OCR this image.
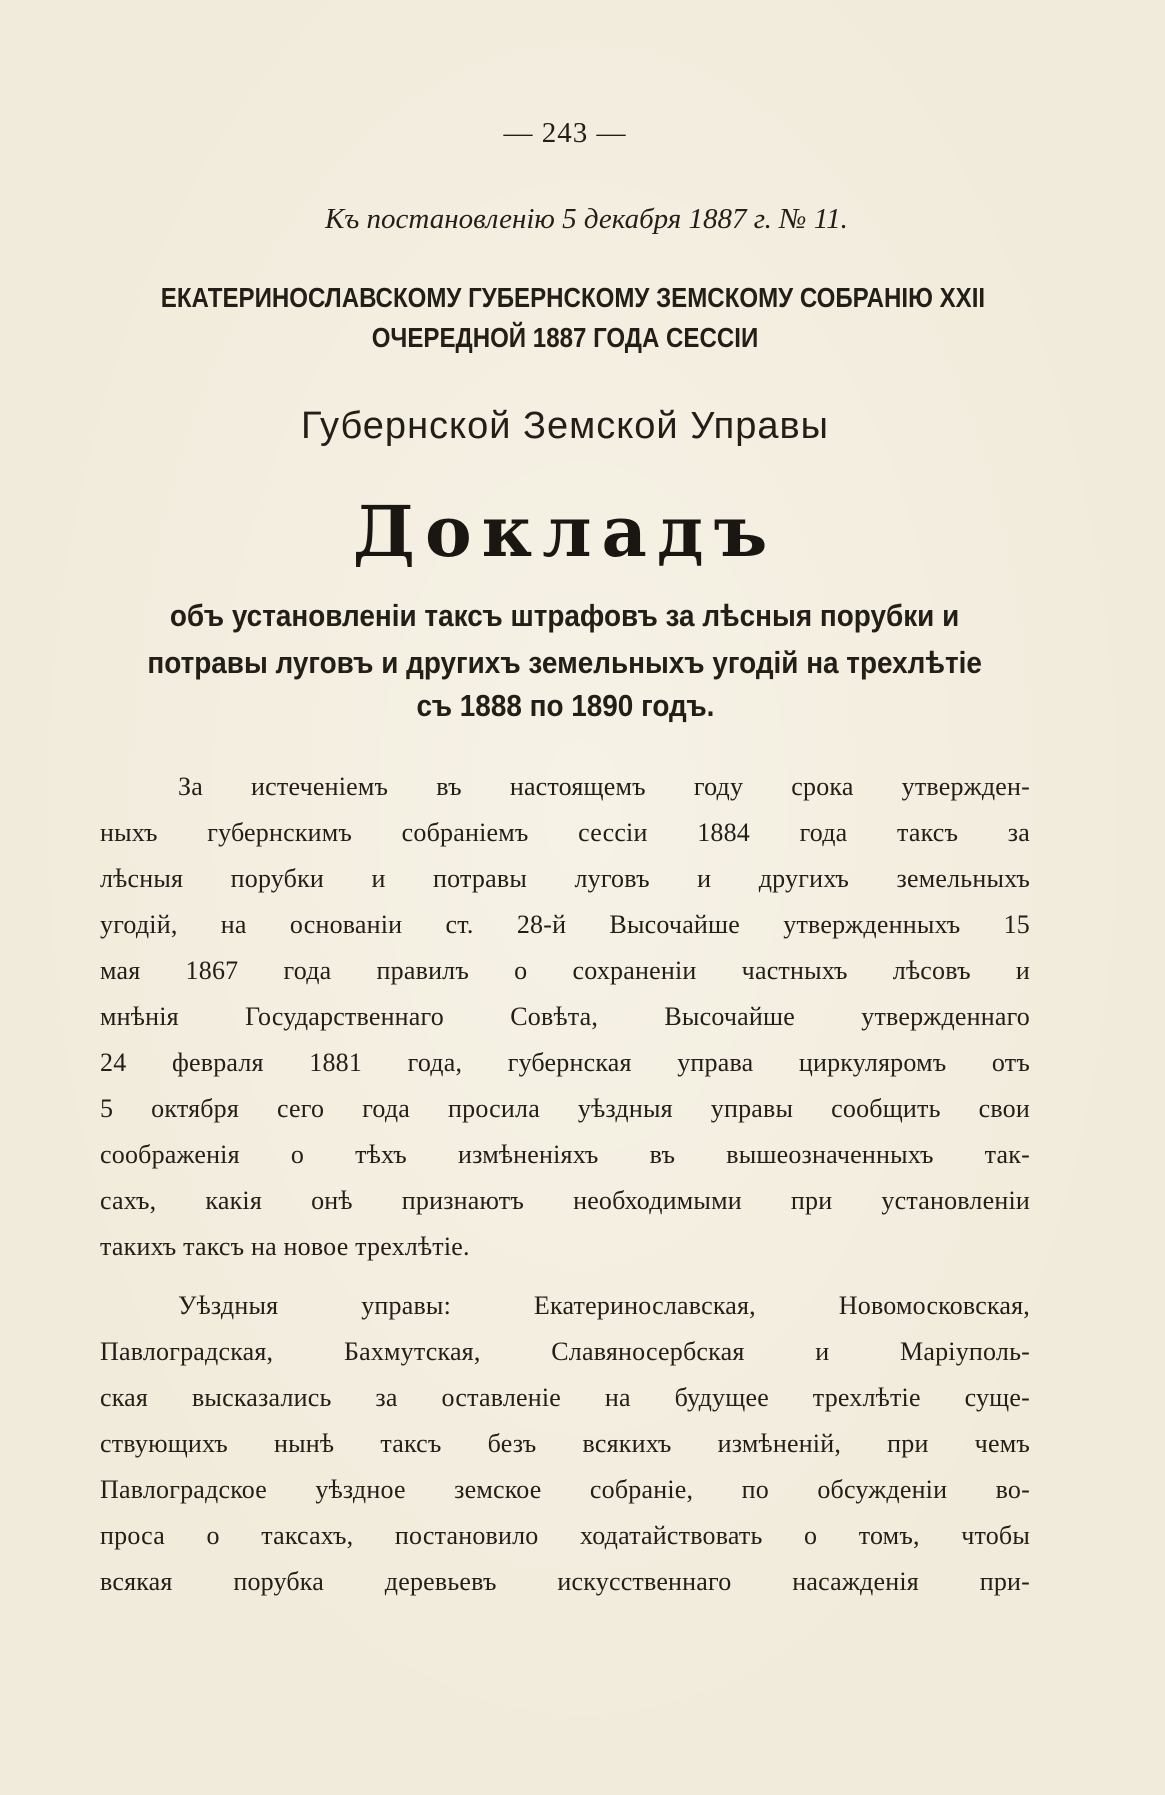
— 243 —
Къ постановленію 5 декабря 1887 г. № 11.
ЕКАТЕРИНОСЛАВСКОМУ ГУБЕРНСКОМУ ЗЕМСКОМУ СОБРАНІЮ XXII
ОЧЕРЕДНОЙ 1887 ГОДА СЕССІИ
Губернской Земской Управы
Докладъ
объ установленіи таксъ штрафовъ за лѣсныя порубки и
потравы луговъ и другихъ земельныхъ угодій на трехлѣтіе
съ 1888 по 1890 годъ.
За истеченіемъ въ настоящемъ году срока утвержден-
ныхъ губернскимъ собраніемъ сессіи 1884 года таксъ за
лѣсныя порубки и потравы луговъ и другихъ земельныхъ
угодій, на основаніи ст. 28-й Высочайше утвержденныхъ 15
мая 1867 года правилъ о сохраненіи частныхъ лѣсовъ и
мнѣнія Государственнаго Совѣта, Высочайше утвержденнаго
24 февраля 1881 года, губернская управа циркуляромъ отъ
5 октября сего года просила уѣздныя управы сообщить свои
соображенія о тѣхъ измѣненіяхъ въ вышеозначенныхъ так-
сахъ, какія онѣ признаютъ необходимыми при установленіи
такихъ таксъ на новое трехлѣтіе.
Уѣздныя управы: Екатеринославская, Новомосковская,
Павлоградская, Бахмутская, Славяносербская и Маріуполь-
ская высказались за оставленіе на будущее трехлѣтіе суще-
ствующихъ нынѣ таксъ безъ всякихъ измѣненій, при чемъ
Павлоградское уѣздное земское собраніе, по обсужденіи во-
проса о таксахъ, постановило ходатайствовать о томъ, чтобы
всякая порубка деревьевъ искусственнаго насажденія при-
